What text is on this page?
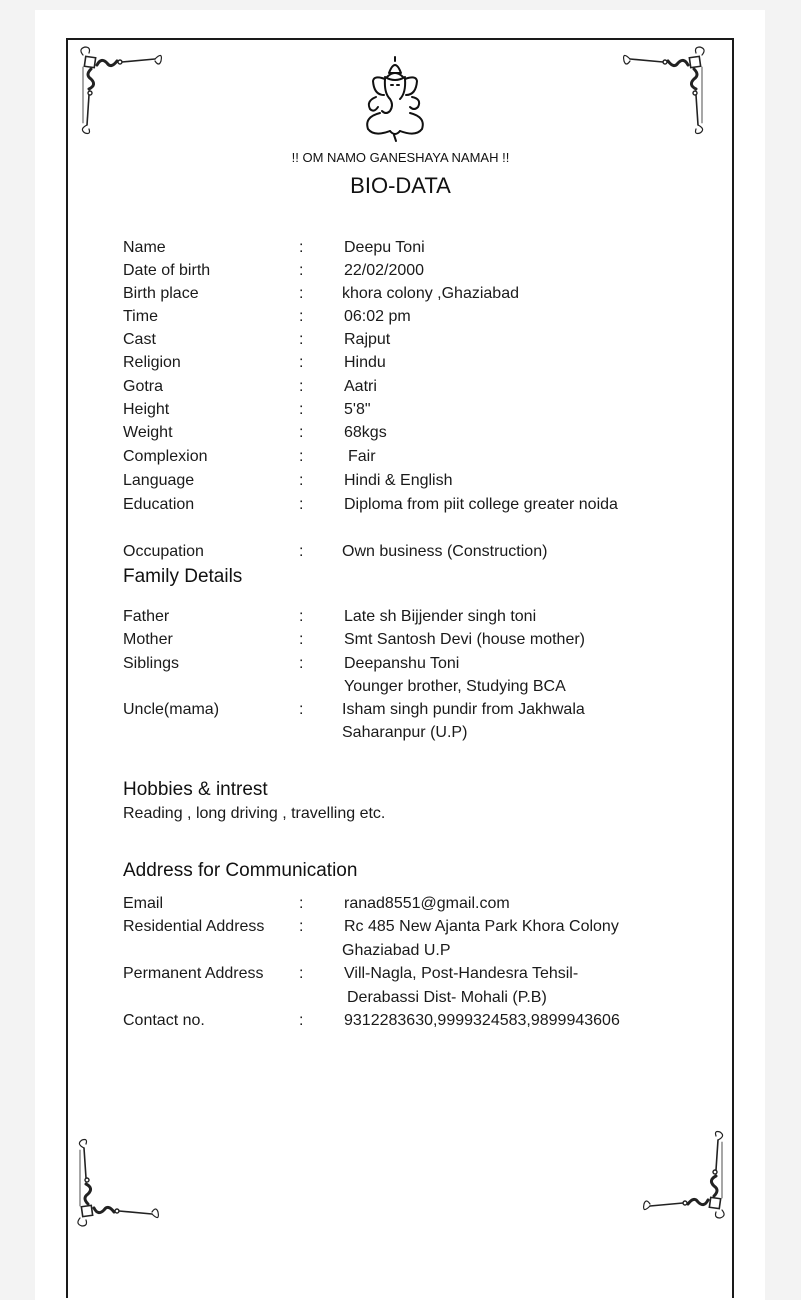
!! OM NAMO GANESHAYA NAMAH !!
BIO-DATA
Name	:	Deepu Toni
Date of birth	:	22/02/2000
Birth place	: khora colony ,Ghaziabad
Time	:	06:02 pm
Cast	:	Rajput
Religion	:	Hindu
Gotra	:	Aatri
Height	:	5'8"
Weight	:	68kgs
Complexion	:	Fair
Language	:	Hindi & English
Education	:	Diploma from piit college greater noida
Occupation	: Own business (Construction)
Family Details
Father	:	Late sh Bijjender singh toni
Mother	:	Smt Santosh Devi (house mother)
Siblings	:	Deepanshu Toni
Younger brother, Studying BCA
Uncle(mama)	: Isham singh pundir from Jakhwala
Saharanpur (U.P)
Hobbies & intrest
Reading , long driving , travelling etc.
Address for Communication
Email	:	ranad8551@gmail.com
Residential Address :	Rc 485 New Ajanta Park Khora Colony
Ghaziabad U.P
Permanent Address :	Vill-Nagla, Post-Handesra Tehsil-
Derabassi Dist- Mohali (P.B)
Contact no.	:	9312283630,9999324583,9899943606
